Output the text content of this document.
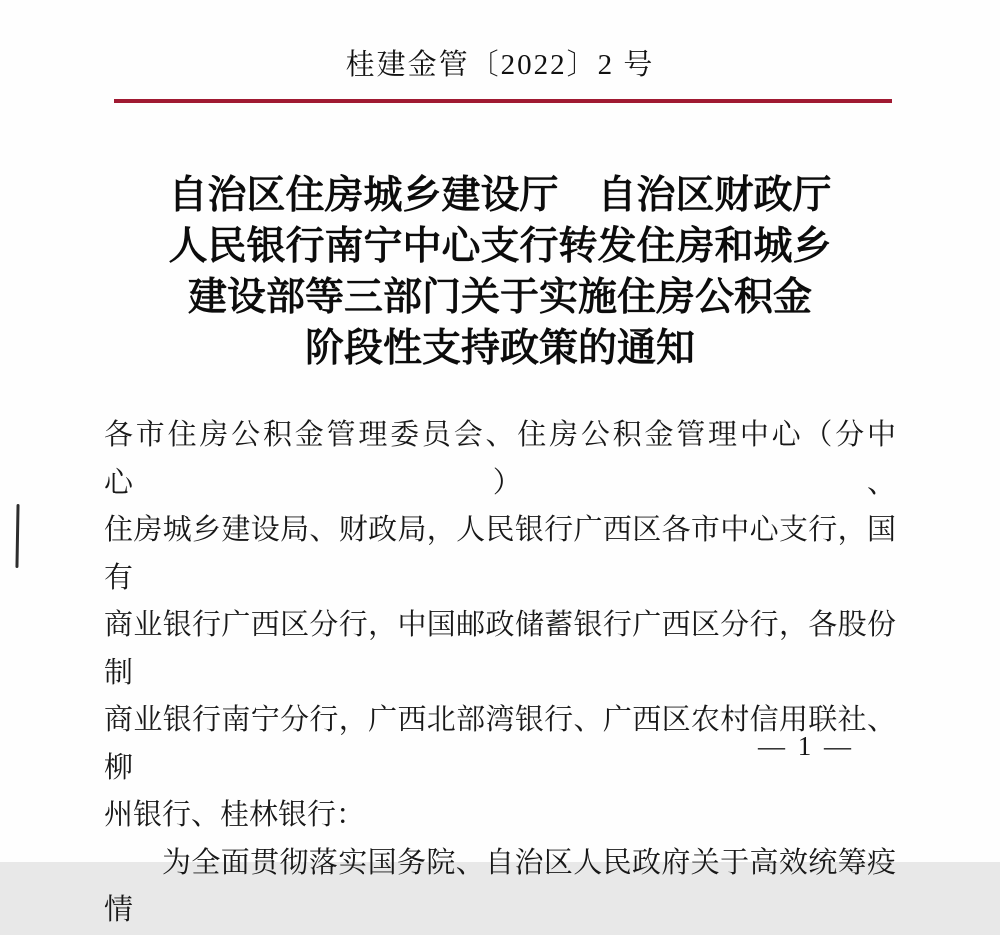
桂建金管〔2022〕2 号
自治区住房城乡建设厅　自治区财政厅
人民银行南宁中心支行转发住房和城乡
建设部等三部门关于实施住房公积金
阶段性支持政策的通知
各市住房公积金管理委员会、住房公积金管理中心（分中心）、
住房城乡建设局、财政局，人民银行广西区各市中心支行，国有
商业银行广西区分行，中国邮政储蓄银行广西区分行，各股份制
商业银行南宁分行，广西北部湾银行、广西区农村信用联社、柳
州银行、桂林银行：
为全面贯彻落实国务院、自治区人民政府关于高效统筹疫情
— 1 —
